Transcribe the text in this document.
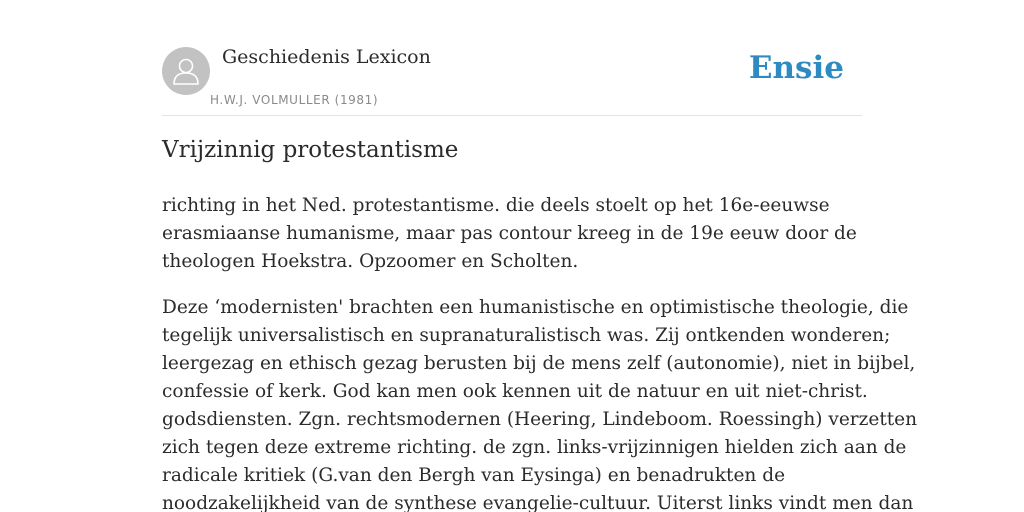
Geschiedenis Lexicon
H.W.J. VOLMULLER (1981)
Ensie
Vrijzinnig protestantisme

richting in het Ned. protestantisme. die deels stoelt op het 16e-eeuwse
erasmiaanse humanisme, maar pas contour kreeg in de 19e eeuw door de
theologen Hoekstra. Opzoomer en Scholten.

Deze ‘modernisten' brachten een humanistische en optimistische theologie, die
tegelijk universalistisch en supranaturalistisch was. Zij ontkenden wonderen;
leergezag en ethisch gezag berusten bij de mens zelf (autonomie), niet in bijbel,
confessie of kerk. God kan men ook kennen uit de natuur en uit niet-christ.
godsdiensten. Zgn. rechtsmodernen (Heering, Lindeboom. Roessingh) verzetten
zich tegen deze extreme richting. de zgn. links-vrijzinnigen hielden zich aan de
radicale kritiek (G.van den Bergh van Eysinga) en benadrukten de
noodzakelijkheid van de synthese evangelie-cultuur. Uiterst links vindt men dan
